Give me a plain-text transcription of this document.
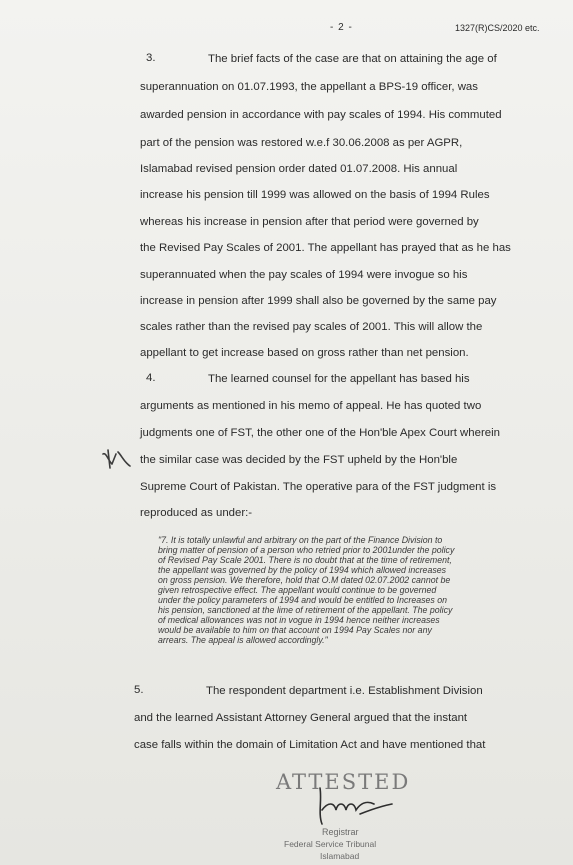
- 2 -	1327(R)CS/2020 etc.
3.	The brief facts of the case are that on attaining the age of
superannuation on 01.07.1993, the appellant a BPS-19 officer, was
awarded pension in accordance with pay scales of 1994. His commuted
part of the pension was restored w.e.f 30.06.2008 as per AGPR,
Islamabad revised pension order dated 01.07.2008. His annual
increase his pension till 1999 was allowed on the basis of 1994 Rules
whereas his increase in pension after that period were governed by
the Revised Pay Scales of 2001. The appellant has prayed that as he has
superannuated when the pay scales of 1994 were invogue so his
increase in pension after 1999 shall also be governed by the same pay
scales rather than the revised pay scales of 2001. This will allow the
appellant to get increase based on gross rather than net pension.
4.	The learned counsel for the appellant has based his
arguments as mentioned in his memo of appeal. He has quoted two
judgments one of FST, the other one of the Hon'ble Apex Court wherein
the similar case was decided by the FST upheld by the Hon'ble
Supreme Court of Pakistan. The operative para of the FST judgment is
reproduced as under:-
"7. It is totally unlawful and arbitrary on the part of the Finance Division to
bring matter of pension of a person who retried prior to 2001under the policy
of Revised Pay Scale 2001. There is no doubt that at the time of retirement,
the appellant was governed by the policy of 1994 which allowed increases
on gross pension. We therefore, hold that O.M dated 02.07.2002 cannot be
given retrospective effect. The appellant would continue to be governed
under the policy parameters of 1994 and would be entitled to Increases on
his pension, sanctioned at the lime of retirement of the appellant. The policy
of medical allowances was not in vogue in 1994 hence neither increases
would be available to him on that account on 1994 Pay Scales nor any
arrears. The appeal is allowed accordingly."
5.	The respondent department i.e. Establishment Division
and the learned Assistant Attorney General argued that the instant
case falls within the domain of Limitation Act and have mentioned that
ATTESTED
Registrar
Federal Service Tribunal
Islamabad
